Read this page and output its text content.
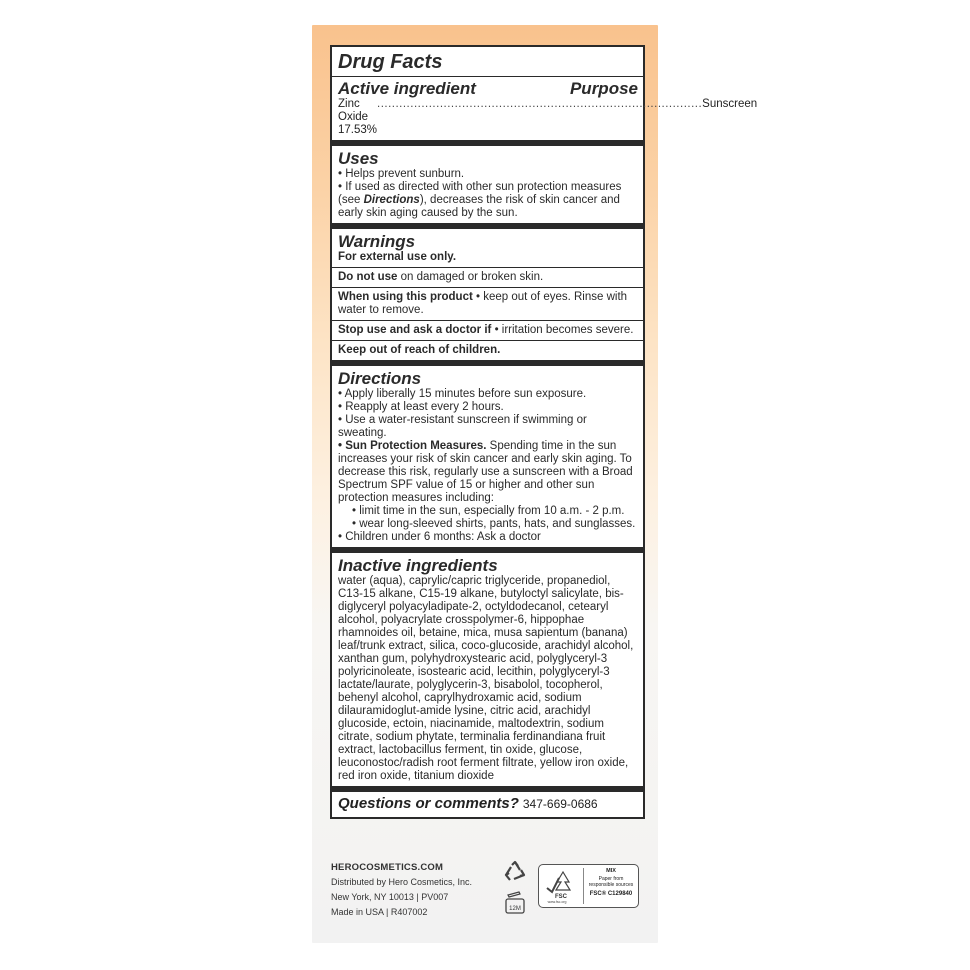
Drug Facts
Active ingredient	Purpose
Zinc Oxide 17.53%
........................................................................................ Sunscreen
Uses
• Helps prevent sunburn.
• If used as directed with other sun protection measures (see Directions), decreases the risk of skin cancer and early skin aging caused by the sun.
Warnings
For external use only.
Do not use on damaged or broken skin.
When using this product • keep out of eyes. Rinse with water to remove.
Stop use and ask a doctor if • irritation becomes severe.
Keep out of reach of children.
Directions
• Apply liberally 15 minutes before sun exposure.
• Reapply at least every 2 hours.
• Use a water-resistant sunscreen if swimming or sweating.
• Sun Protection Measures. Spending time in the sun increases your risk of skin cancer and early skin aging. To decrease this risk, regularly use a sunscreen with a Broad Spectrum SPF value of 15 or higher and other sun protection measures including:
• limit time in the sun, especially from 10 a.m. - 2 p.m.
• wear long-sleeved shirts, pants, hats, and sunglasses.
• Children under 6 months: Ask a doctor
Inactive ingredients
water (aqua), caprylic/capric triglyceride, propanediol, C13-15 alkane, C15-19 alkane, butyloctyl salicylate, bis-diglyceryl polyacyladipate-2, octyldodecanol, cetearyl alcohol, polyacrylate crosspolymer-6, hippophae rhamnoides oil, betaine, mica, musa sapientum (banana) leaf/trunk extract, silica, coco-glucoside, arachidyl alcohol, xanthan gum, polyhydroxystearic acid, polyglyceryl-3 polyricinoleate, isostearic acid, lecithin, polyglyceryl-3 lactate/laurate, polyglycerin-3, bisabolol, tocopherol, behenyl alcohol, caprylhydroxamic acid, sodium dilauramidoglut-amide lysine, citric acid, arachidyl glucoside, ectoin, niacinamide, maltodextrin, sodium citrate, sodium phytate, terminalia ferdinandiana fruit extract, lactobacillus ferment, tin oxide, glucose, leuconostoc/radish root ferment filtrate, yellow iron oxide, red iron oxide, titanium dioxide
Questions or comments? 347-669-0686
HEROCOSMETICS.COM
Distributed by Hero Cosmetics, Inc.
New York, NY 10013 | PV007
Made in USA | R407002	12M
FSC
www.fsc.org
MIX
Paper from responsible sources
FSC® C129840
